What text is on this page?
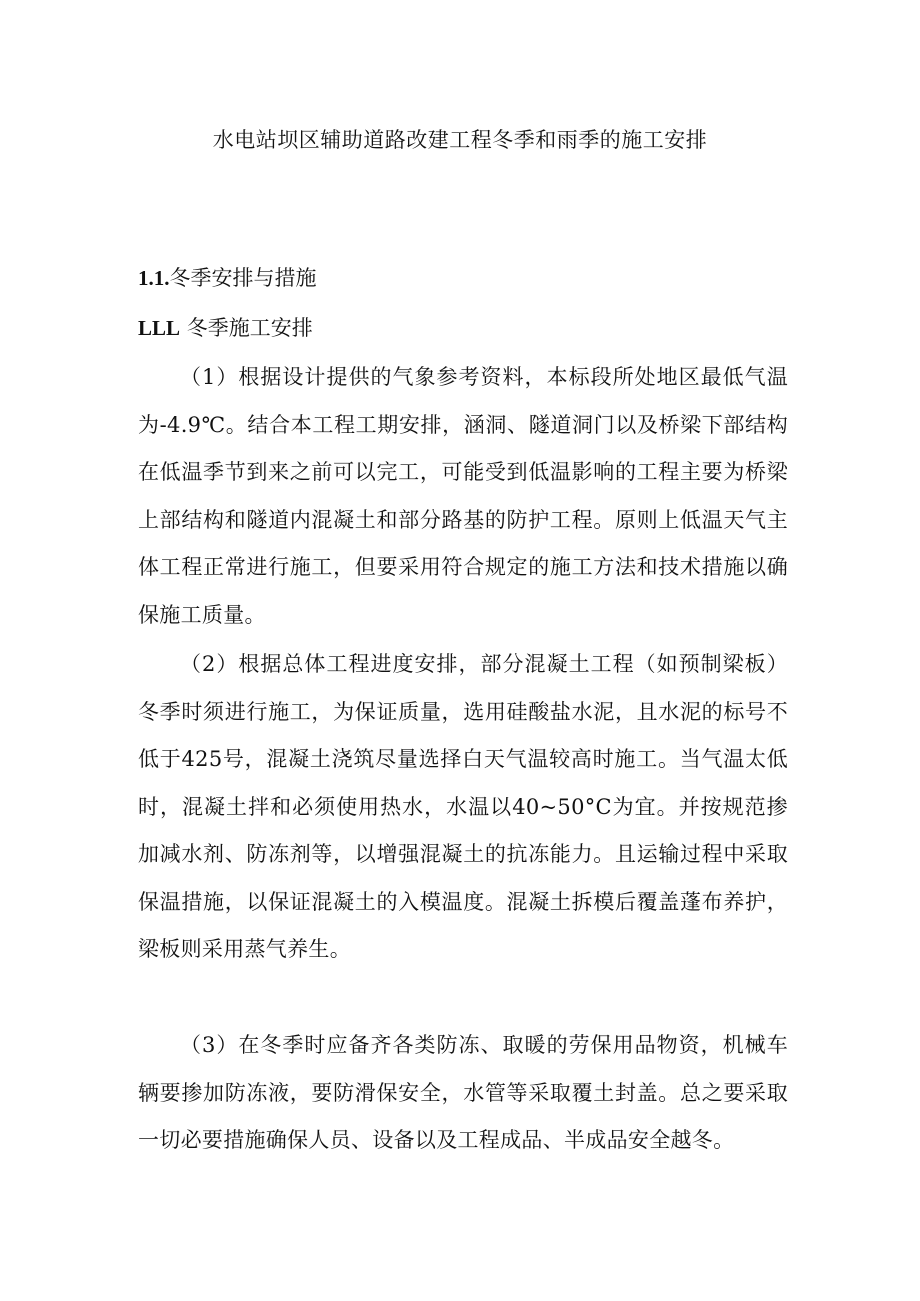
水电站坝区辅助道路改建工程冬季和雨季的施工安排
1.1.冬季安排与措施
LLL 冬季施工安排

（1）根据设计提供的气象参考资料，本标段所处地区最低气温为-4.9℃。结合本工程工期安排，涵洞、隧道洞门以及桥梁下部结构在低温季节到来之前可以完工，可能受到低温影响的工程主要为桥梁上部结构和隧道内混凝土和部分路基的防护工程。原则上低温天气主体工程正常进行施工，但要采用符合规定的施工方法和技术措施以确保施工质量。

（2）根据总体工程进度安排，部分混凝土工程（如预制梁板）冬季时须进行施工，为保证质量，选用硅酸盐水泥，且水泥的标号不低于425号，混凝土浇筑尽量选择白天气温较高时施工。当气温太低时，混凝土拌和必须使用热水，水温以40~50°C为宜。并按规范掺加减水剂、防冻剂等，以增强混凝土的抗冻能力。且运输过程中采取保温措施，以保证混凝土的入模温度。混凝土拆模后覆盖蓬布养护，梁板则采用蒸气养生。

（3）在冬季时应备齐各类防冻、取暖的劳保用品物资，机械车辆要掺加防冻液，要防滑保安全，水管等采取覆土封盖。总之要采取一切必要措施确保人员、设备以及工程成品、半成品安全越冬。
